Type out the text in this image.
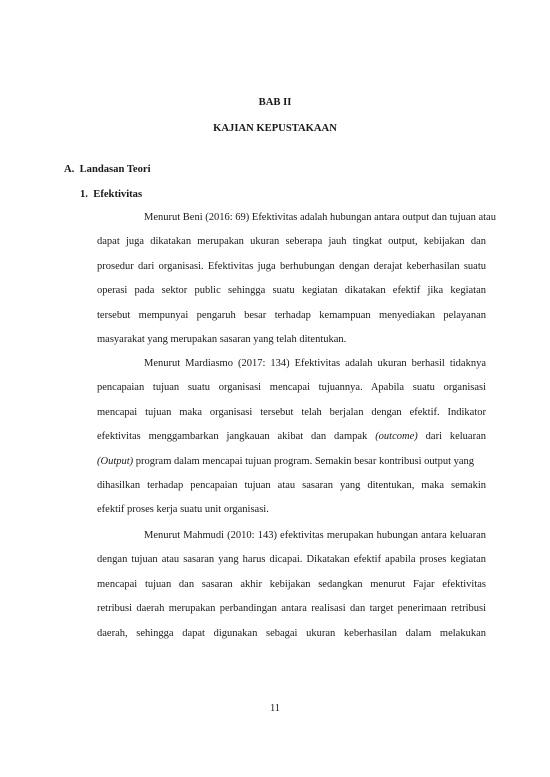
BAB II
KAJIAN KEPUSTAKAAN
A. Landasan Teori
1. Efektivitas
Menurut Beni (2016: 69) Efektivitas adalah hubungan antara output dan tujuan atau
dapat juga dikatakan merupakan ukuran seberapa jauh tingkat output, kebijakan dan
prosedur dari organisasi. Efektivitas juga berhubungan dengan derajat keberhasilan suatu
operasi pada sektor public sehingga suatu kegiatan dikatakan efektif jika kegiatan
tersebut mempunyai pengaruh besar terhadap kemampuan menyediakan pelayanan
masyarakat yang merupakan sasaran yang telah ditentukan.
Menurut Mardiasmo (2017: 134) Efektivitas adalah ukuran berhasil tidaknya
pencapaian tujuan suatu organisasi mencapai tujuannya. Apabila suatu organisasi
mencapai tujuan maka organisasi tersebut telah berjalan dengan efektif. Indikator
efektivitas menggambarkan jangkauan akibat dan dampak (outcome) dari keluaran
(Output) program dalam mencapai tujuan program. Semakin besar kontribusi output yang
dihasilkan terhadap pencapaian tujuan atau sasaran yang ditentukan, maka semakin
efektif proses kerja suatu unit organisasi.
Menurut Mahmudi (2010: 143) efektivitas merupakan hubungan antara keluaran
dengan tujuan atau sasaran yang harus dicapai. Dikatakan efektif apabila proses kegiatan
mencapai tujuan dan sasaran akhir kebijakan sedangkan menurut Fajar efektivitas
retribusi daerah merupakan perbandingan antara realisasi dan target penerimaan retribusi
daerah, sehingga dapat digunakan sebagai ukuran keberhasilan dalam melakukan
11
